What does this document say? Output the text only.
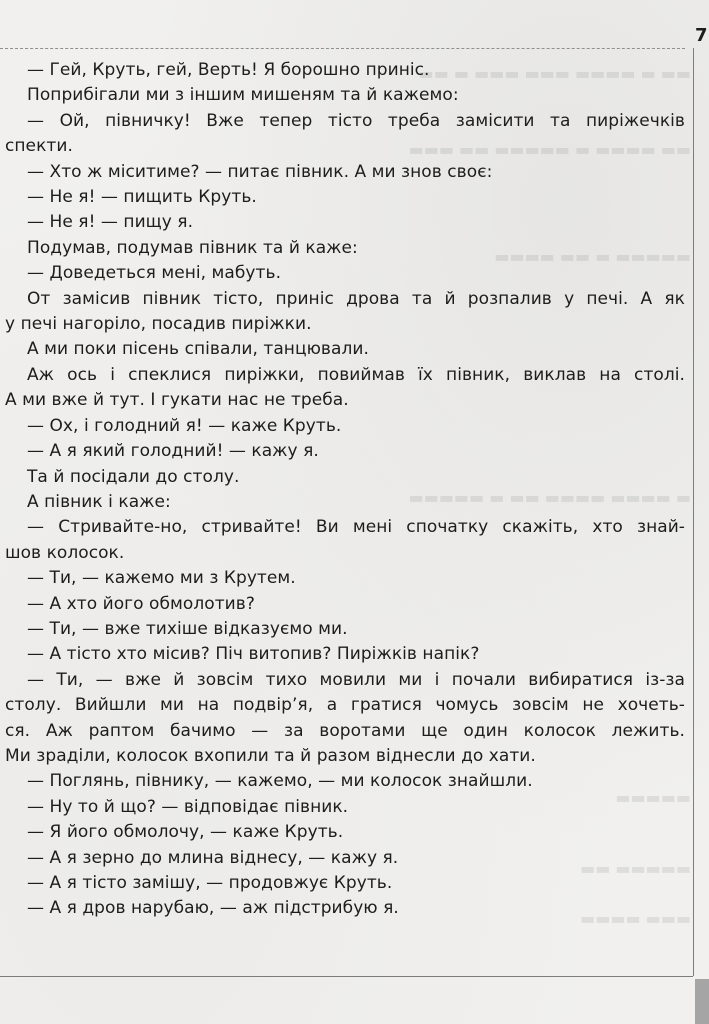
7
— Гей, Круть, гей, Верть! Я борошно приніс.
Поприбігали ми з іншим мишеням та й кажемо:
— Ой, півничку! Вже тепер тісто треба замісити та пиріжечків
спекти.
— Хто ж міситиме? — питає півник. А ми знов своє:
— Не я! — пищить Круть.
— Не я! — пищу я.
Подумав, подумав півник та й каже:
— Доведеться мені, мабуть.
От замісив півник тісто, приніс дрова та й розпалив у печі. А як
у печі нагоріло, посадив пиріжки.
А ми поки пісень співали, танцювали.
Аж ось і спеклися пиріжки, повиймав їх півник, виклав на столі.
А ми вже й тут. І гукати нас не треба.
— Ох, і голодний я! — каже Круть.
— А я який голодний! — кажу я.
Та й посідали до столу.
А півник і каже:
— Стривайте-но, стривайте! Ви мені спочатку скажіть, хто знай-
шов колосок.
— Ти, — кажемо ми з Крутем.
— А хто його обмолотив?
— Ти, — вже тихіше відказуємо ми.
— А тісто хто місив? Піч витопив? Пиріжків напік?
— Ти, — вже й зовсім тихо мовили ми і почали вибиратися із-за
столу. Вийшли ми на подвір’я, а гратися чомусь зовсім не хочеть-
ся. Аж раптом бачимо — за воротами ще один колосок лежить.
Ми зраділи, колосок вхопили та й разом віднесли до хати.
— Поглянь, півнику, — кажемо, — ми колосок знайшли.
— Ну то й що? — відповідає півник.
— Я його обмолочу, — каже Круть.
— А я зерно до млина віднесу, — кажу я.
— А я тісто замішу, — продовжує Круть.
— А я дров нарубаю, — аж підстрибую я.
